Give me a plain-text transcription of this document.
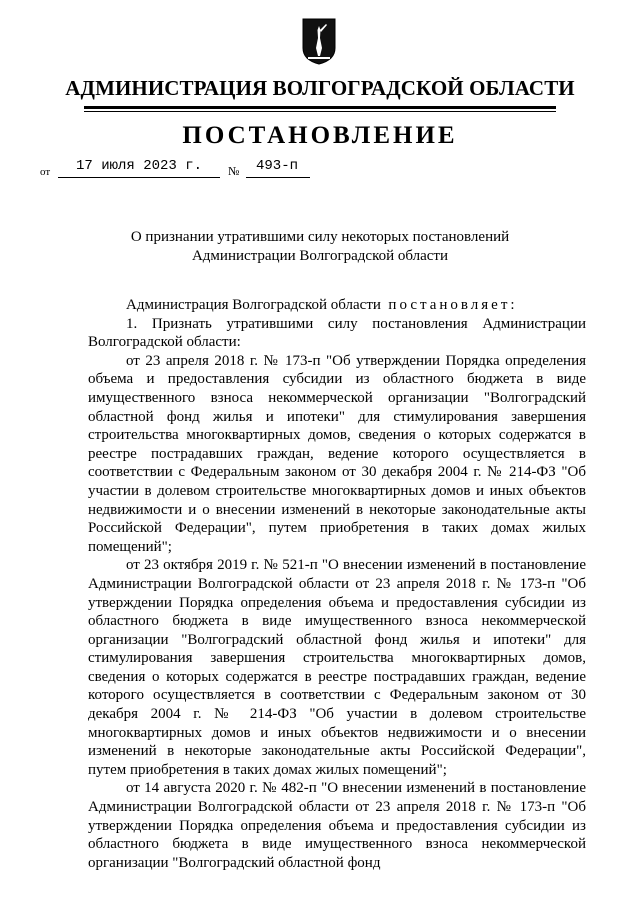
АДМИНИСТРАЦИЯ ВОЛГОГРАДСКОЙ ОБЛАСТИ
ПОСТАНОВЛЕНИЕ
от 17 июля 2023 г. № 493-п
О признании утратившими силу некоторых постановлений
Администрации Волгоградской области

Администрация Волгоградской области постановляет:

1. Признать утратившими силу постановления Администрации Волгоградской области:

от 23 апреля 2018 г. № 173-п "Об утверждении Порядка определения объема и предоставления субсидии из областного бюджета в виде имущественного взноса некоммерческой организации "Волгоградский областной фонд жилья и ипотеки" для стимулирования завершения строительства многоквартирных домов, сведения о которых содержатся в реестре пострадавших граждан, ведение которого осуществляется в соответствии с Федеральным законом от 30 декабря 2004 г. № 214-ФЗ "Об участии в долевом строительстве многоквартирных домов и иных объектов недвижимости и о внесении изменений в некоторые законодательные акты Российской Федерации", путем приобретения в таких домах жилых помещений";

от 23 октября 2019 г. № 521-п "О внесении изменений в постановление Администрации Волгоградской области от 23 апреля 2018 г. № 173-п "Об утверждении Порядка определения объема и предоставления субсидии из областного бюджета в виде имущественного взноса некоммерческой организации "Волгоградский областной фонд жилья и ипотеки" для стимулирования завершения строительства многоквартирных домов, сведения о которых содержатся в реестре пострадавших граждан, ведение которого осуществляется в соответствии с Федеральным законом от 30 декабря 2004 г. № 214-ФЗ "Об участии в долевом строительстве многоквартирных домов и иных объектов недвижимости и о внесении изменений в некоторые законодательные акты Российской Федерации", путем приобретения в таких домах жилых помещений";

от 14 августа 2020 г. № 482-п "О внесении изменений в постановление Администрации Волгоградской области от 23 апреля 2018 г. № 173-п "Об утверждении Порядка определения объема и предоставления субсидии из областного бюджета в виде имущественного взноса некоммерческой организации "Волгоградский областной фонд
